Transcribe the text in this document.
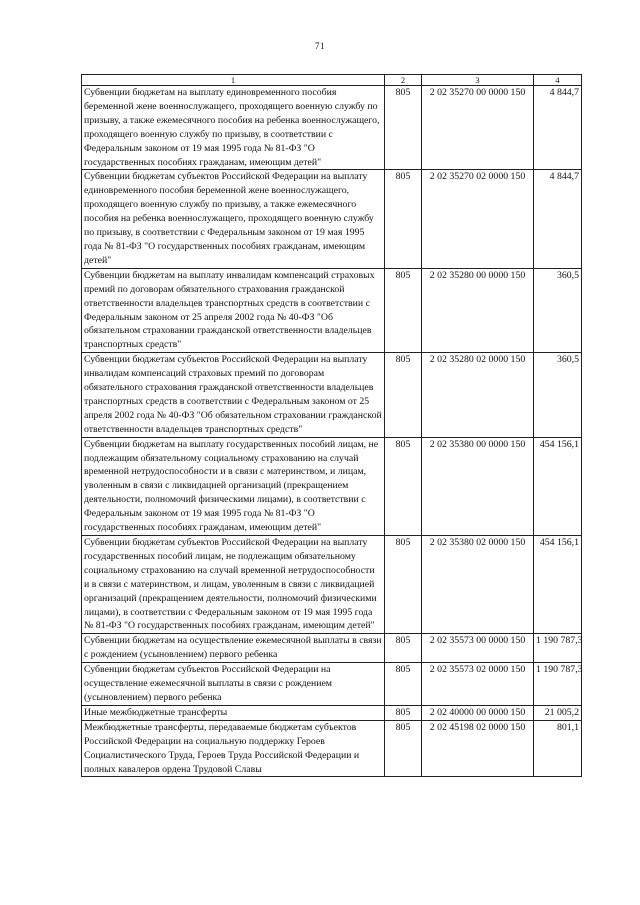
71
1	2	3	4
Субвенции бюджетам на выплату единовременного пособия беременной жене военнослужащего, проходящего военную службу по призыву, а также ежемесячного пособия на ребенка военнослужащего, проходящего военную службу по призыву, в соответствии с Федеральным законом от 19 мая 1995 года № 81-ФЗ "О государственных пособиях гражданам, имеющим детей"	805	2 02 35270 00 0000 150	4 844,7
Субвенции бюджетам субъектов Российской Федерации на выплату единовременного пособия беременной жене военнослужащего, проходящего военную службу по призыву, а также ежемесячного пособия на ребенка военнослужащего, проходящего военную службу по призыву, в соответствии с Федеральным законом от 19 мая 1995 года № 81-ФЗ "О государственных пособиях гражданам, имеющим детей"	805	2 02 35270 02 0000 150	4 844,7
Субвенции бюджетам на выплату инвалидам компенсаций страховых премий по договорам обязательного страхования гражданской ответственности владельцев транспортных средств в соответствии с Федеральным законом от 25 апреля 2002 года № 40-ФЗ "Об обязательном страховании гражданской ответственности владельцев транспортных средств"	805	2 02 35280 00 0000 150	360,5
Субвенции бюджетам субъектов Российской Федерации на выплату инвалидам компенсаций страховых премий по договорам обязательного страхования гражданской ответственности владельцев транспортных средств в соответствии с Федеральным законом от 25 апреля 2002 года № 40-ФЗ "Об обязательном страховании гражданской ответственности владельцев транспортных средств"	805	2 02 35280 02 0000 150	360,5
Субвенции бюджетам на выплату государственных пособий лицам, не подлежащим обязательному социальному страхованию на случай временной нетрудоспособности и в связи с материнством, и лицам, уволенным в связи с ликвидацией организаций (прекращением деятельности, полномочий физическими лицами), в соответствии с Федеральным законом от 19 мая 1995 года № 81-ФЗ "О государственных пособиях гражданам, имеющим детей"	805	2 02 35380 00 0000 150	454 156,1
Субвенции бюджетам субъектов Российской Федерации на выплату государственных пособий лицам, не подлежащим обязательному социальному страхованию на случай временной нетрудоспособности и в связи с материнством, и лицам, уволенным в связи с ликвидацией организаций (прекращением деятельности, полномочий физическими лицами), в соответствии с Федеральным законом от 19 мая 1995 года № 81-ФЗ "О государственных пособиях гражданам, имеющим детей"	805	2 02 35380 02 0000 150	454 156,1
Субвенции бюджетам на осуществление ежемесячной выплаты в связи с рождением (усыновлением) первого ребенка	805	2 02 35573 00 0000 150	1 190 787,3
Субвенции бюджетам субъектов Российской Федерации на осуществление ежемесячной выплаты в связи с рождением (усыновлением) первого ребенка	805	2 02 35573 02 0000 150	1 190 787,3
Иные межбюджетные трансферты	805	2 02 40000 00 0000 150	21 005,2
Межбюджетные трансферты, передаваемые бюджетам субъектов Российской Федерации на социальную поддержку Героев Социалистического Труда, Героев Труда Российской Федерации и полных кавалеров ордена Трудовой Славы	805	2 02 45198 02 0000 150	801,1
